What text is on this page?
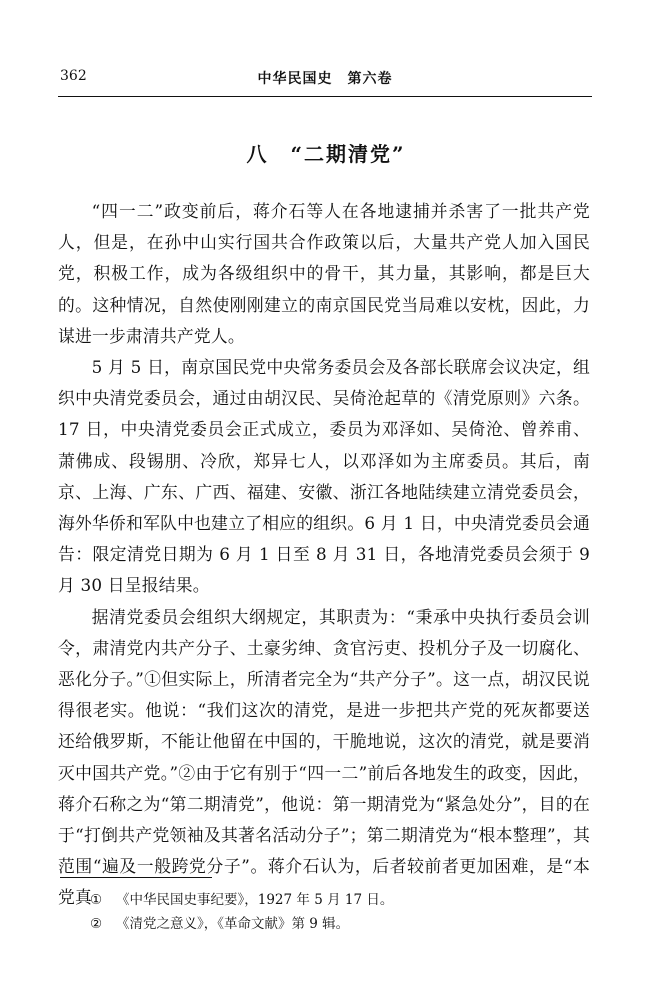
362	中华民国史　第六卷
八　“二期清党”

“四一二”政变前后，蒋介石等人在各地逮捕并杀害了一批共产党人，但是，在孙中山实行国共合作政策以后，大量共产党人加入国民党，积极工作，成为各级组织中的骨干，其力量，其影响，都是巨大的。这种情况，自然使刚刚建立的南京国民党当局难以安枕，因此，力谋进一步肃清共产党人。

5 月 5 日，南京国民党中央常务委员会及各部长联席会议决定，组织中央清党委员会，通过由胡汉民、吴倚沧起草的《清党原则》六条。17 日，中央清党委员会正式成立，委员为邓泽如、吴倚沧、曾养甫、萧佛成、段锡朋、冷欣，郑异七人，以邓泽如为主席委员。其后，南京、上海、广东、广西、福建、安徽、浙江各地陆续建立清党委员会，海外华侨和军队中也建立了相应的组织。6 月 1 日，中央清党委员会通告：限定清党日期为 6 月 1 日至 8 月 31 日，各地清党委员会须于 9 月 30 日呈报结果。

据清党委员会组织大纲规定，其职责为：“秉承中央执行委员会训令，肃清党内共产分子、土豪劣绅、贪官污吏、投机分子及一切腐化、恶化分子。”①但实际上，所清者完全为“共产分子”。这一点，胡汉民说得很老实。他说：“我们这次的清党，是进一步把共产党的死灰都要送还给俄罗斯，不能让他留在中国的，干脆地说，这次的清党，就是要消灭中国共产党。”②由于它有别于“四一二”前后各地发生的政变，因此，蒋介石称之为“第二期清党”，他说：第一期清党为“紧急处分”，目的在于“打倒共产党领袖及其著名活动分子”；第二期清党为“根本整理”，其范围“遍及一般跨党分子”。蒋介石认为，后者较前者更加困难，是“本党真

① 《中华民国史事纪要》，1927 年 5 月 17 日。

② 《清党之意义》，《革命文献》第 9 辑。
